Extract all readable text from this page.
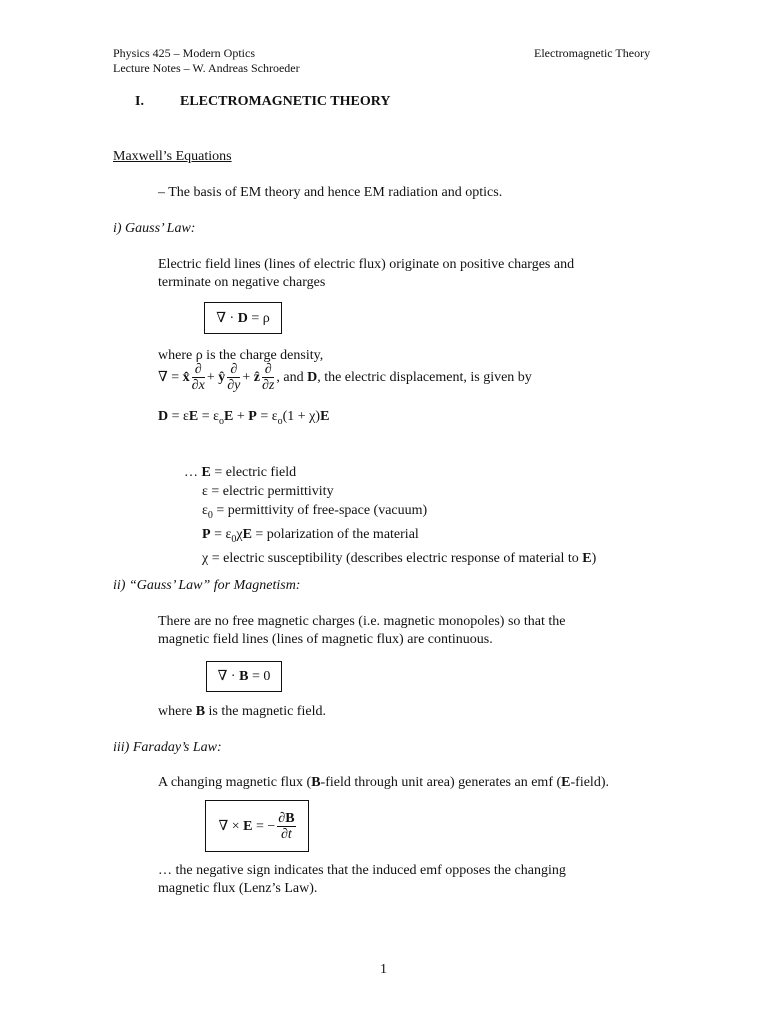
Physics 425 – Modern Optics
Lecture Notes – W. Andreas Schroeder
Electromagnetic Theory
I.	ELECTROMAGNETIC THEORY
Maxwell’s Equations
– The basis of EM theory and hence EM radiation and optics.
i) Gauss’ Law:
Electric field lines (lines of electric flux) originate on positive charges and
terminate on negative charges
∇ · D = ρ
where ρ is the charge density,
∇ = x̂ $\frac{\partial}{\partial x}$ + ŷ $\frac{\partial}{\partial y}$ + ẑ $\frac{\partial}{\partial z}$ , and D, the electric displacement, is given by
$D = \varepsilon E = \varepsilon_oE + P = \varepsilon_o(1 + \chi)E$
… E = electric field
ε = electric permittivity
$\varepsilon_0$ = permittivity of free-space (vacuum)
$P = \varepsilon_0\chi E$ = polarization of the material
χ = electric susceptibility (describes electric response of material to E)
ii) “Gauss’ Law” for Magnetism:
There are no free magnetic charges (i.e. magnetic monopoles) so that the
magnetic field lines (lines of magnetic flux) are continuous.
∇ · B = 0
where B is the magnetic field.
iii) Faraday’s Law:
A changing magnetic flux (B-field through unit area) generates an emf (E-field).
∇ × E = − $\frac{\partial B}{\partial t}$
… the negative sign indicates that the induced emf opposes the changing
magnetic flux (Lenz’s Law).
1
